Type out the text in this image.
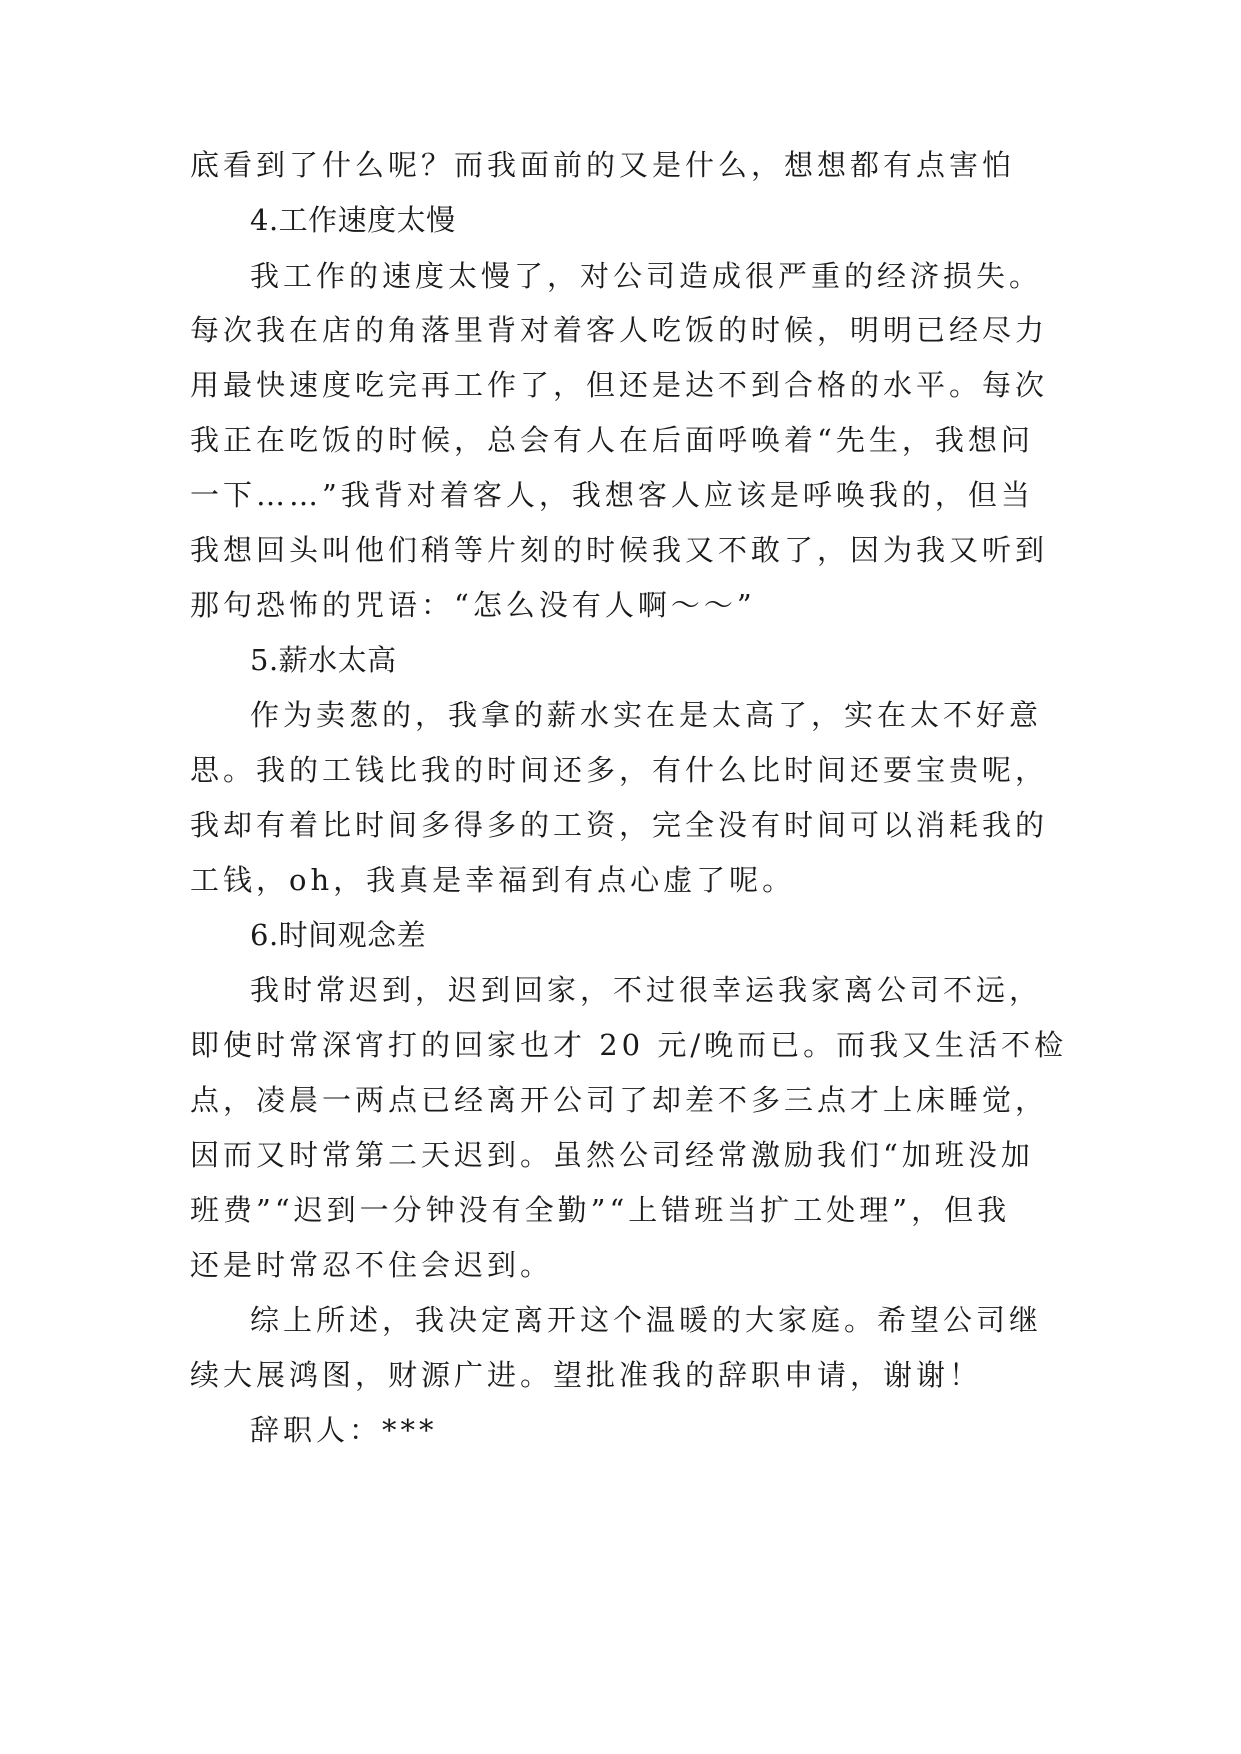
底看到了什么呢？而我面前的又是什么，想想都有点害怕
4.工作速度太慢
我工作的速度太慢了，对公司造成很严重的经济损失。
每次我在店的角落里背对着客人吃饭的时候，明明已经尽力
用最快速度吃完再工作了，但还是达不到合格的水平。每次
我正在吃饭的时候，总会有人在后面呼唤着“先生，我想问
一下……”我背对着客人，我想客人应该是呼唤我的，但当
我想回头叫他们稍等片刻的时候我又不敢了，因为我又听到
那句恐怖的咒语：“怎么没有人啊～～”
5.薪水太高
作为卖葱的，我拿的薪水实在是太高了，实在太不好意
思。我的工钱比我的时间还多，有什么比时间还要宝贵呢，
我却有着比时间多得多的工资，完全没有时间可以消耗我的
工钱，oh，我真是幸福到有点心虚了呢。
6.时间观念差
我时常迟到，迟到回家，不过很幸运我家离公司不远，
即使时常深宵打的回家也才 20 元/晚而已。而我又生活不检
点，凌晨一两点已经离开公司了却差不多三点才上床睡觉，
因而又时常第二天迟到。虽然公司经常激励我们“加班没加
班费”“迟到一分钟没有全勤”“上错班当扩工处理”，但我
还是时常忍不住会迟到。
综上所述，我决定离开这个温暖的大家庭。希望公司继
续大展鸿图，财源广进。望批准我的辞职申请，谢谢！
辞职人：***
